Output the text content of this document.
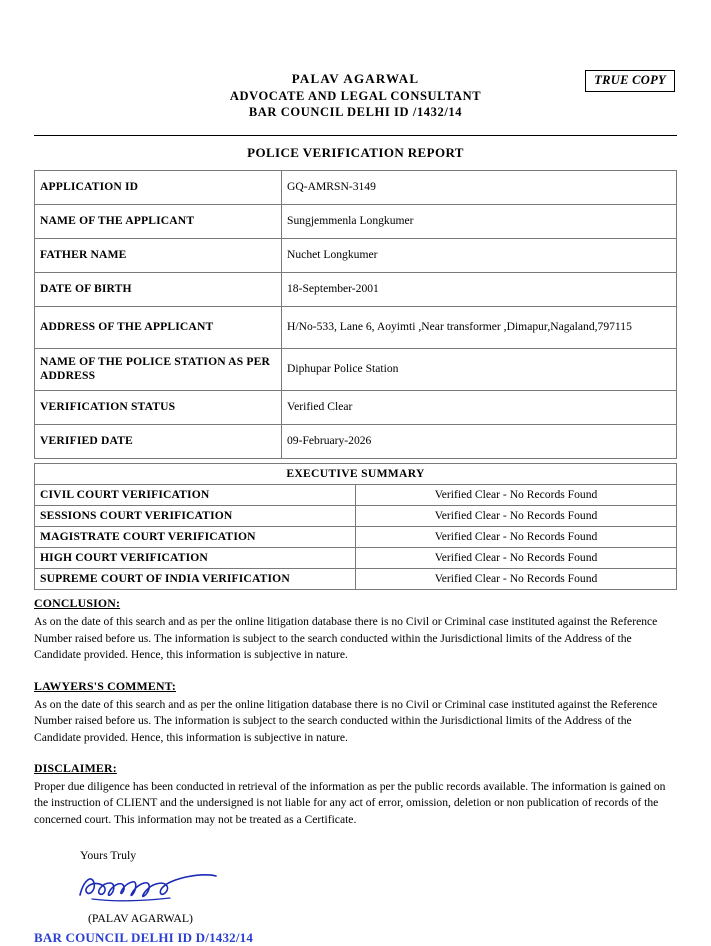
TRUE COPY
PALAV AGARWAL
ADVOCATE AND LEGAL CONSULTANT
BAR COUNCIL DELHI ID /1432/14
POLICE VERIFICATION REPORT
APPLICATION ID	GQ-AMRSN-3149
NAME OF THE APPLICANT	Sungjemmenla Longkumer
FATHER NAME	Nuchet Longkumer
DATE OF BIRTH	18-September-2001
ADDRESS OF THE APPLICANT	H/No-533, Lane 6, Aoyimti ,Near transformer ,Dimapur,Nagaland,797115
NAME OF THE POLICE STATION AS PER ADDRESS	Diphupar Police Station
VERIFICATION STATUS	Verified Clear
VERIFIED DATE	09-February-2026
EXECUTIVE SUMMARY	
CIVIL COURT VERIFICATION	Verified Clear - No Records Found
SESSIONS COURT VERIFICATION	Verified Clear - No Records Found
MAGISTRATE COURT VERIFICATION	Verified Clear - No Records Found
HIGH COURT VERIFICATION	Verified Clear - No Records Found
SUPREME COURT OF INDIA VERIFICATION	Verified Clear - No Records Found
CONCLUSION:
As on the date of this search and as per the online litigation database there is no Civil or Criminal case instituted against the Reference Number raised before us. The information is subject to the search conducted within the Jurisdictional limits of the Address of the Candidate provided. Hence, this information is subjective in nature.
LAWYERS'S COMMENT:
As on the date of this search and as per the online litigation database there is no Civil or Criminal case instituted against the Reference Number raised before us. The information is subject to the search conducted within the Jurisdictional limits of the Address of the Candidate provided. Hence, this information is subjective in nature.
DISCLAIMER:
Proper due diligence has been conducted in retrieval of the information as per the public records available. The information is gained on the instruction of CLIENT and the undersigned is not liable for any act of error, omission, deletion or non publication of records of the concerned court. This information may not be treated as a Certificate.
Yours Truly
(PALAV AGARWAL)
BAR COUNCIL DELHI ID D/1432/14
